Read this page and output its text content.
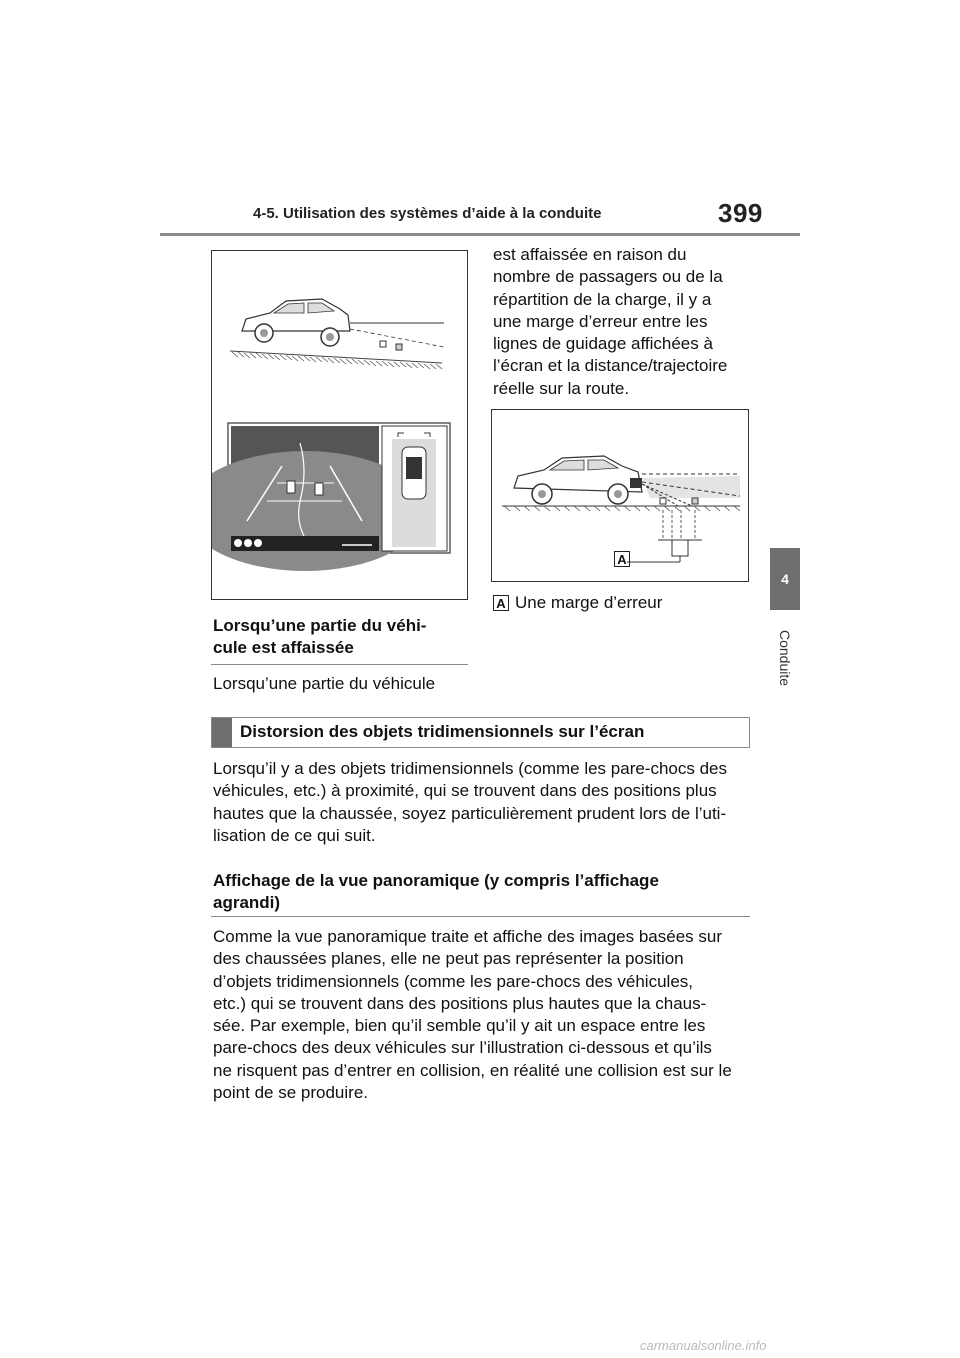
4-5. Utilisation des systèmes d’aide à la conduite	399
4
Conduite
Lorsqu’une partie du véhi-
cule est affaissée
Lorsqu’une partie du véhicule
est affaissée en raison du
nombre de passagers ou de la
répartition de la charge, il y a
une marge d’erreur entre les
lignes de guidage affichées à
l’écran et la distance/trajectoire
réelle sur la route.
A
A Une marge d’erreur
Distorsion des objets tridimensionnels sur l’écran
Lorsqu’il y a des objets tridimensionnels (comme les pare-chocs des
véhicules, etc.) à proximité, qui se trouvent dans des positions plus
hautes que la chaussée, soyez particulièrement prudent lors de l’uti-
lisation de ce qui suit.
Affichage de la vue panoramique (y compris l’affichage
agrandi)
Comme la vue panoramique traite et affiche des images basées sur
des chaussées planes, elle ne peut pas représenter la position
d’objets tridimensionnels (comme les pare-chocs des véhicules,
etc.) qui se trouvent dans des positions plus hautes que la chaus-
sée. Par exemple, bien qu’il semble qu’il y ait un espace entre les
pare-chocs des deux véhicules sur l’illustration ci-dessous et qu’ils
ne risquent pas d’entrer en collision, en réalité une collision est sur le
point de se produire.
carmanualsonline.info
